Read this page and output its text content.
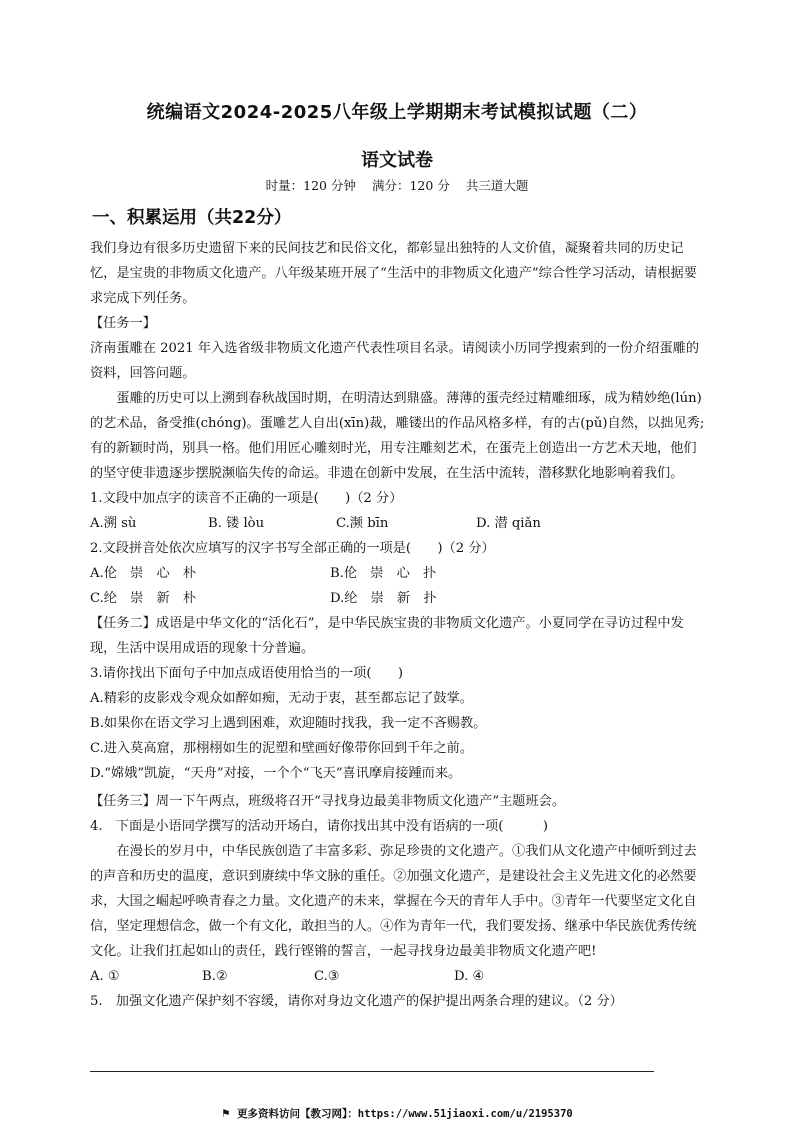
统编语文2024-2025八年级上学期期末考试模拟试题（二）
语文试卷
时量：120 分钟 满分：120 分 共三道大题
一、积累运用（共22分）

我们身边有很多历史遗留下来的民间技艺和民俗文化，都彰显出独特的人文价值，凝聚着共同的历史记忆，是宝贵的非物质文化遗产。八年级某班开展了“生活中的非物质文化遗产”综合性学习活动，请根据要求完成下列任务。

【任务一】

济南蛋雕在 2021 年入选省级非物质文化遗产代表性项目名录。请阅读小历同学搜索到的一份介绍蛋雕的资料，回答问题。

蛋雕的历史可以上溯到春秋战国时期，在明清达到鼎盛。薄薄的蛋壳经过精雕细琢，成为精妙绝(lún)的艺术品，备受推(chóng)。蛋雕艺人自出(xīn)裁，雕镂出的作品风格多样，有的古(pǔ)自然，以拙见秀;有的新颖时尚，别具一格。他们用匠心雕刻时光，用专注雕刻艺术，在蛋壳上创造出一方艺术天地，他们的坚守使非遗逐步摆脱濒临失传的命运。非遗在创新中发展，在生活中流转，潜移默化地影响着我们。

1.文段中加点字的读音不正确的一项是(　　)（2 分）

A.溯 sù	B. 镂 lòu	C.濒 bīn	D. 潜 qiǎn

2.文段拼音处依次应填写的汉字书写全部正确的一项是(　　)（2 分）

A.伦　崇　心　朴	B.伦　崇　心　扑
C.纶　崇　新　朴	D.纶　崇　新　扑

【任务二】成语是中华文化的“活化石”，是中华民族宝贵的非物质文化遗产。小夏同学在寻访过程中发现，生活中误用成语的现象十分普遍。

3.请你找出下面句子中加点成语使用恰当的一项(　　)

A.精彩的皮影戏令观众如醉如痴，无动于衷，甚至都忘记了鼓掌。

B.如果你在语文学习上遇到困难，欢迎随时找我，我一定不吝赐教。

C.进入莫高窟，那栩栩如生的泥塑和壁画好像带你回到千年之前。

D.“嫦娥”凯旋，“天舟”对接，一个个“飞天”喜讯摩肩接踵而来。

【任务三】周一下午两点，班级将召开“寻找身边最美非物质文化遗产”主题班会。

4.　下面是小语同学撰写的活动开场白，请你找出其中没有语病的一项(　　　)

在漫长的岁月中，中华民族创造了丰富多彩、弥足珍贵的文化遗产。①我们从文化遗产中倾听到过去的声音和历史的温度，意识到赓续中华文脉的重任。②加强文化遗产，是建设社会主义先进文化的必然要求，大国之崛起呼唤青春之力量。文化遗产的未来，掌握在今天的青年人手中。③青年一代要坚定文化自信，坚定理想信念，做一个有文化，敢担当的人。④作为青年一代，我们要发扬、继承中华民族优秀传统文化。让我们扛起如山的责任，践行铿锵的誓言，一起寻找身边最美非物质文化遗产吧!

A. ①	B.②	C.③	D. ④

5.　加强文化遗产保护刻不容缓，请你对身边文化遗产的保护提出两条合理的建议。（2 分）

⚑ 更多资料访问【教习网】：https://www.51jiaoxi.com/u/2195370
